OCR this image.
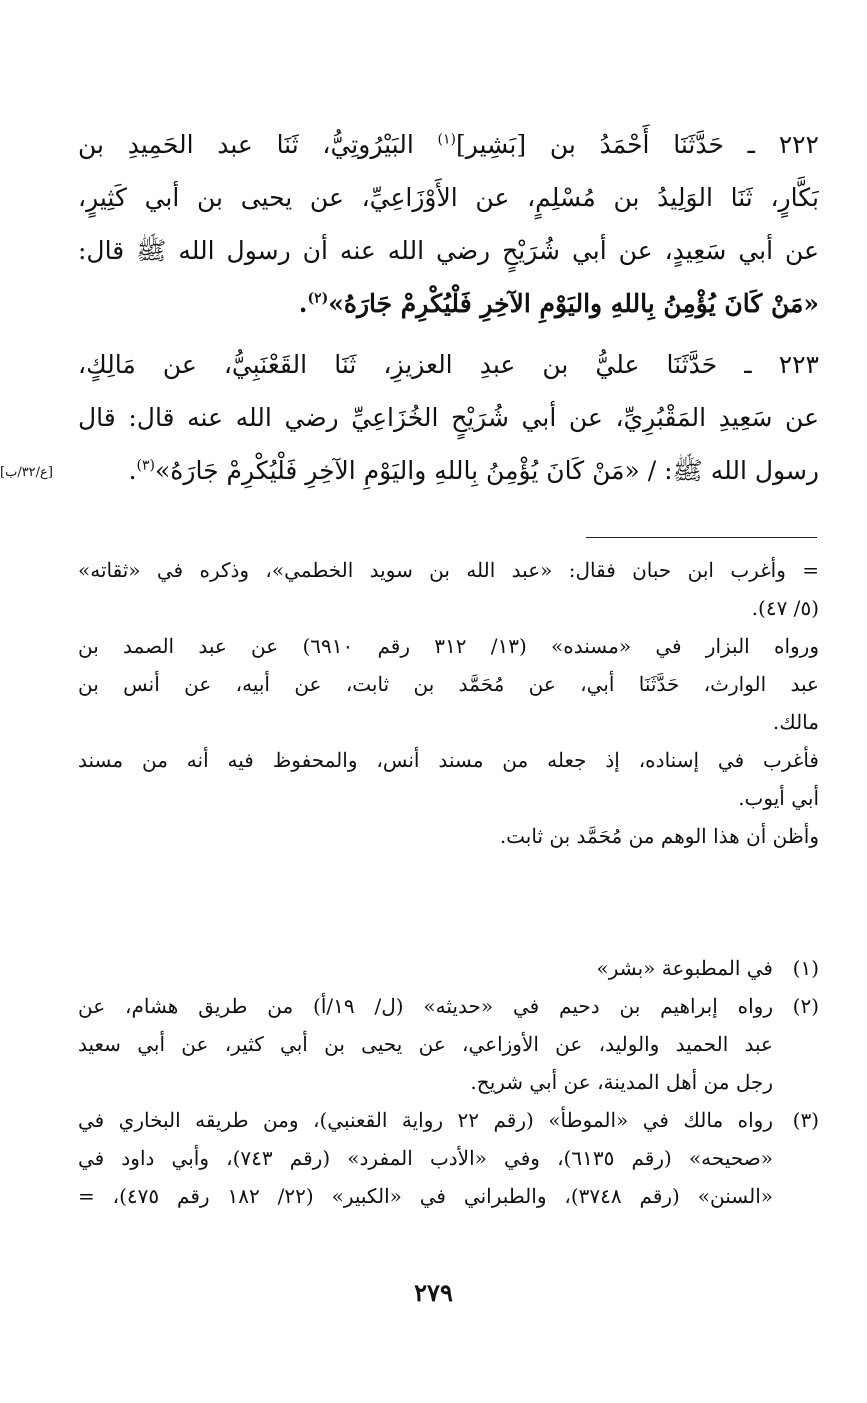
٢٢٢ ـ حَدَّثَنَا أَحْمَدُ بن [بَشِير]$^{(١)}$ البَيْرُوتِيُّ، ثَنَا عبد الحَمِيدِ بن
بَكَّارٍ، ثَنَا الوَلِيدُ بن مُسْلِمٍ، عن الأَوْزَاعِيِّ، عن يحيى بن أبي كَثِيرٍ،
عن أبي سَعِيدٍ، عن أبي شُرَيْحٍ رضي الله عنه أن رسول الله ﷺ قال:
«مَنْ كَانَ يُؤْمِنُ بِاللهِ واليَوْمِ الآخِرِ فَلْيُكْرِمْ جَارَهُ»$^{(٢)}$.
٢٢٣ ـ حَدَّثَنَا عليُّ بن عبدِ العزيزِ، ثَنَا القَعْنَبِيُّ، عن مَالِكٍ،
عن سَعِيدِ المَقْبُرِيِّ، عن أبي شُرَيْحٍ الخُزَاعِيِّ رضي الله عنه قال: قال
رسول الله ﷺ: / «مَنْ كَانَ يُؤْمِنُ بِاللهِ واليَوْمِ الآخِرِ فَلْيُكْرِمْ جَارَهُ»$^{(٣)}$.
[ع/٣٢/ب]
= وأغرب ابن حبان فقال: «عبد الله بن سويد الخطمي»، وذكره في «ثقاته»
(٥/ ٤٧).
ورواه البزار في «مسنده» (١٣/ ٣١٢ رقم ٦٩١٠) عن عبد الصمد بن
عبد الوارث، حَدَّثَنَا أبي، عن مُحَمَّد بن ثابت، عن أبيه، عن أنس بن
مالك.
فأغرب في إسناده، إذ جعله من مسند أنس، والمحفوظ فيه أنه من مسند
أبي أيوب.
وأظن أن هذا الوهم من مُحَمَّد بن ثابت.
(١)
في المطبوعة «بشر»
(٢)
رواه إبراهيم بن دحيم في «حديثه» (ل/ ١٩/أ) من طريق هشام، عن
عبد الحميد والوليد، عن الأوزاعي، عن يحيى بن أبي كثير، عن أبي سعيد
رجل من أهل المدينة، عن أبي شريح.
(٣)
رواه مالك في «الموطأ» (رقم ٢٢ رواية القعنبي)، ومن طريقه البخاري في
«صحيحه» (رقم ٦١٣٥)، وفي «الأدب المفرد» (رقم ٧٤٣)، وأبي داود في
«السنن» (رقم ٣٧٤٨)، والطبراني في «الكبير» (٢٢/ ١٨٢ رقم ٤٧٥)، =
٢٧٩
